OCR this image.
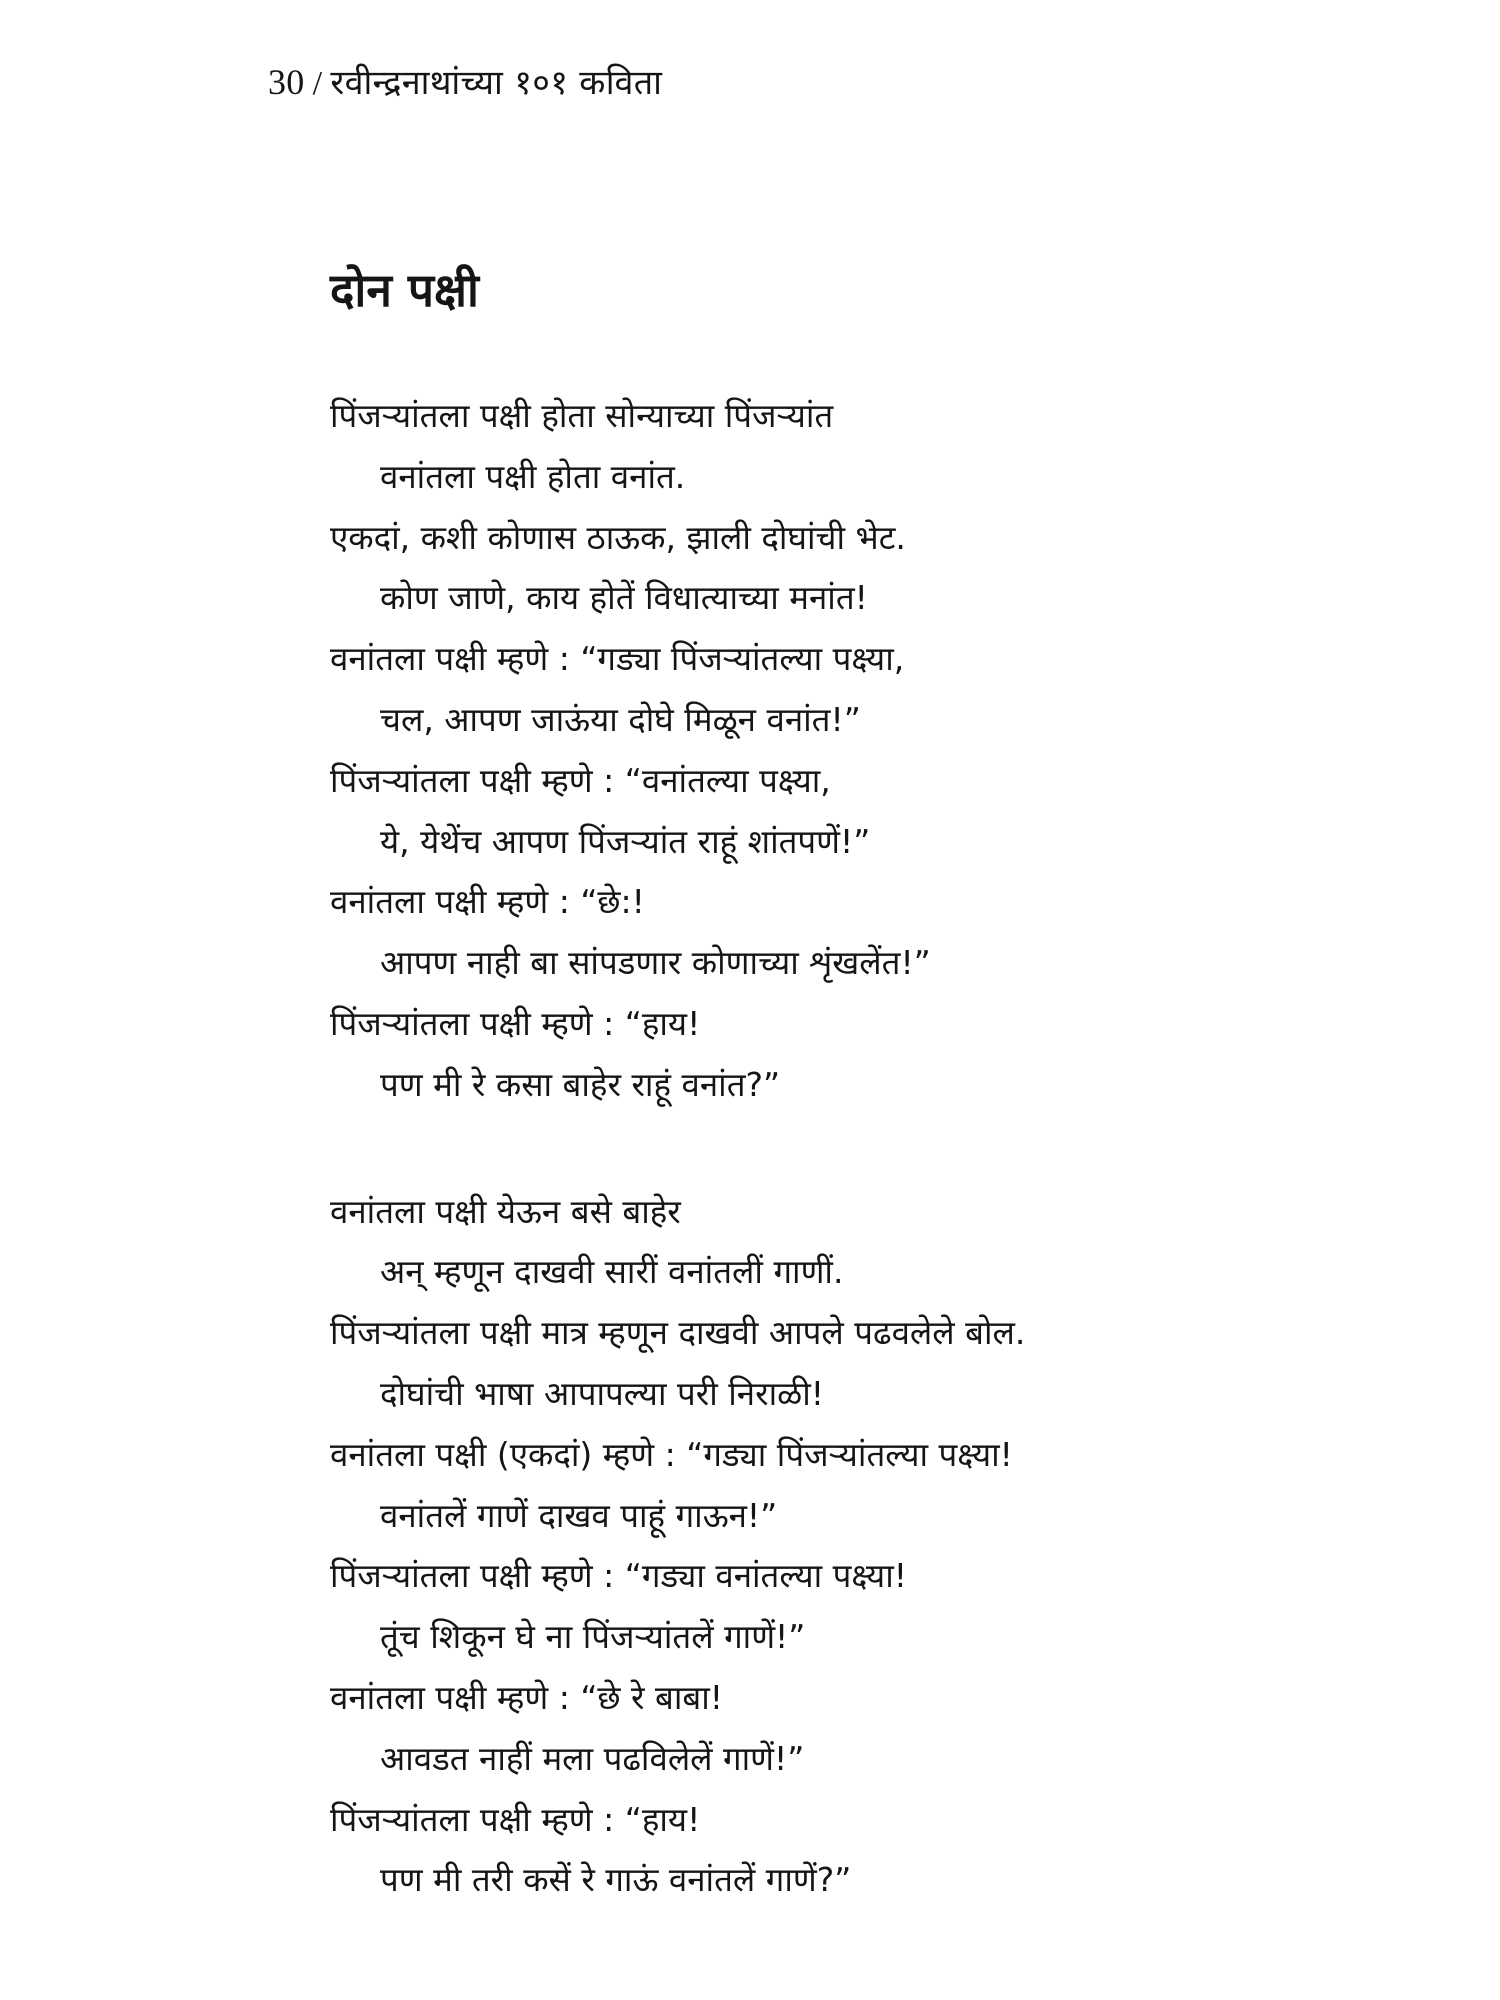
30 / रवीन्द्रनाथांच्या १०१ कविता
दोन पक्षी
पिंजऱ्यांतला पक्षी होता सोन्याच्या पिंजऱ्यांत
वनांतला पक्षी होता वनांत.
एकदां, कशी कोणास ठाऊक, झाली दोघांची भेट.
कोण जाणे, काय होतें विधात्याच्या मनांत!
वनांतला पक्षी म्हणे : “गड्या पिंजऱ्यांतल्या पक्ष्या,
चल, आपण जाऊंया दोघे मिळून वनांत!”
पिंजऱ्यांतला पक्षी म्हणे : “वनांतल्या पक्ष्या,
ये, येथेंच आपण पिंजऱ्यांत राहूं शांतपणें!”
वनांतला पक्षी म्हणे : “छे:!
आपण नाही बा सांपडणार कोणाच्या शृंखलेंत!”
पिंजऱ्यांतला पक्षी म्हणे : “हाय!
पण मी रे कसा बाहेर राहूं वनांत?”
वनांतला पक्षी येऊन बसे बाहेर
अन् म्हणून दाखवी सारीं वनांतलीं गाणीं.
पिंजऱ्यांतला पक्षी मात्र म्हणून दाखवी आपले पढवलेले बोल.
दोघांची भाषा आपापल्या परी निराळी!
वनांतला पक्षी (एकदां) म्हणे : “गड्या पिंजऱ्यांतल्या पक्ष्या!
वनांतलें गाणें दाखव पाहूं गाऊन!”
पिंजऱ्यांतला पक्षी म्हणे : “गड्या वनांतल्या पक्ष्या!
तूंच शिकून घे ना पिंजऱ्यांतलें गाणें!”
वनांतला पक्षी म्हणे : “छे रे बाबा!
आवडत नाहीं मला पढविलेलें गाणें!”
पिंजऱ्यांतला पक्षी म्हणे : “हाय!
पण मी तरी कसें रे गाऊं वनांतलें गाणें?”
